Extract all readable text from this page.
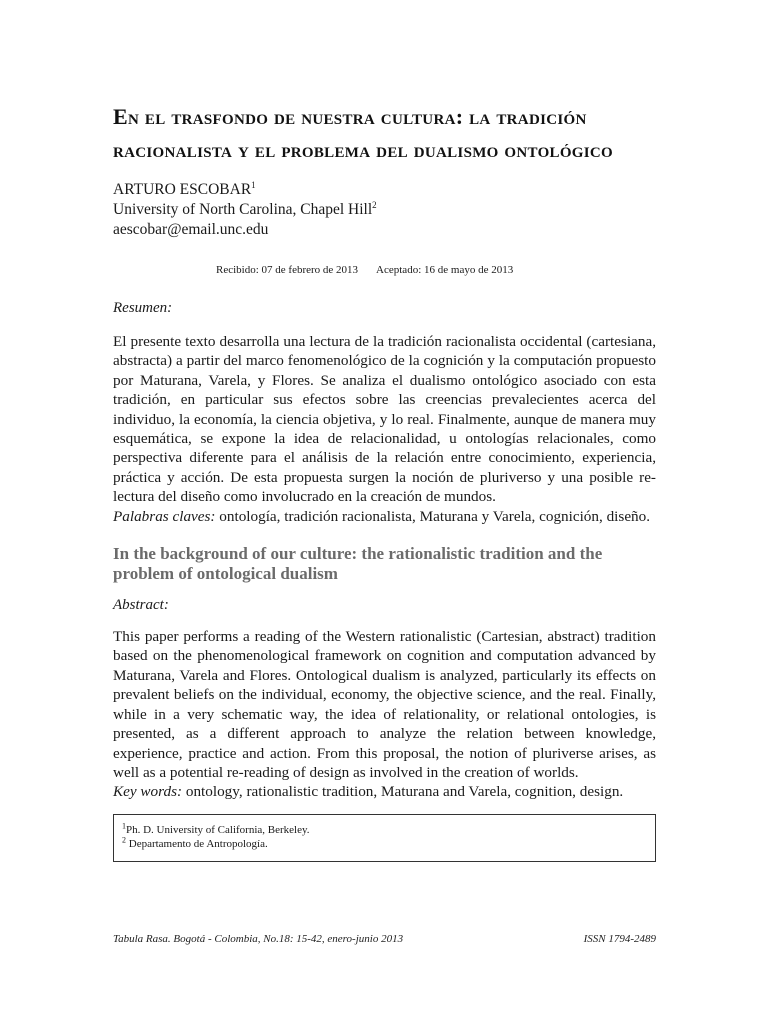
En el trasfondo de nuestra cultura: la tradición racionalista y el problema del dualismo ontológico
ARTURO ESCOBAR$^1$
University of North Carolina, Chapel Hill$^2$
aescobar@email.unc.edu
Recibido: 07 de febrero de 2013 Aceptado: 16 de mayo de 2013
Resumen:

El presente texto desarrolla una lectura de la tradición racionalista occidental (cartesiana, abstracta) a partir del marco fenomenológico de la cognición y la computación propuesto por Maturana, Varela, y Flores. Se analiza el dualismo ontológico asociado con esta tradición, en particular sus efectos sobre las creencias prevalecientes acerca del individuo, la economía, la ciencia objetiva, y lo real. Finalmente, aunque de manera muy esquemática, se expone la idea de relacionalidad, u ontologías relacionales, como perspectiva diferente para el análisis de la relación entre conocimiento, experiencia, práctica y acción. De esta propuesta surgen la noción de pluriverso y una posible re-lectura del diseño como involucrado en la creación de mundos.

Palabras claves: ontología, tradición racionalista, Maturana y Varela, cognición, diseño.

In the background of our culture: the rationalistic tradition and the problem of ontological dualism
Abstract:

This paper performs a reading of the Western rationalistic (Cartesian, abstract) tradition based on the phenomenological framework on cognition and computation advanced by Maturana, Varela and Flores. Ontological dualism is analyzed, particularly its effects on prevalent beliefs on the individual, economy, the objective science, and the real. Finally, while in a very schematic way, the idea of relationality, or relational ontologies, is presented, as a different approach to analyze the relation between knowledge, experience, practice and action. From this proposal, the notion of pluriverse arises, as well as a potential re-reading of design as involved in the creation of worlds.

Key words: ontology, rationalistic tradition, Maturana and Varela, cognition, design.

$^1$Ph. D. University of California, Berkeley.
$^2$ Departamento de Antropología.
Tabula Rasa. Bogotá - Colombia, No.18: 15-42, enero-junio 2013	ISSN 1794-2489
